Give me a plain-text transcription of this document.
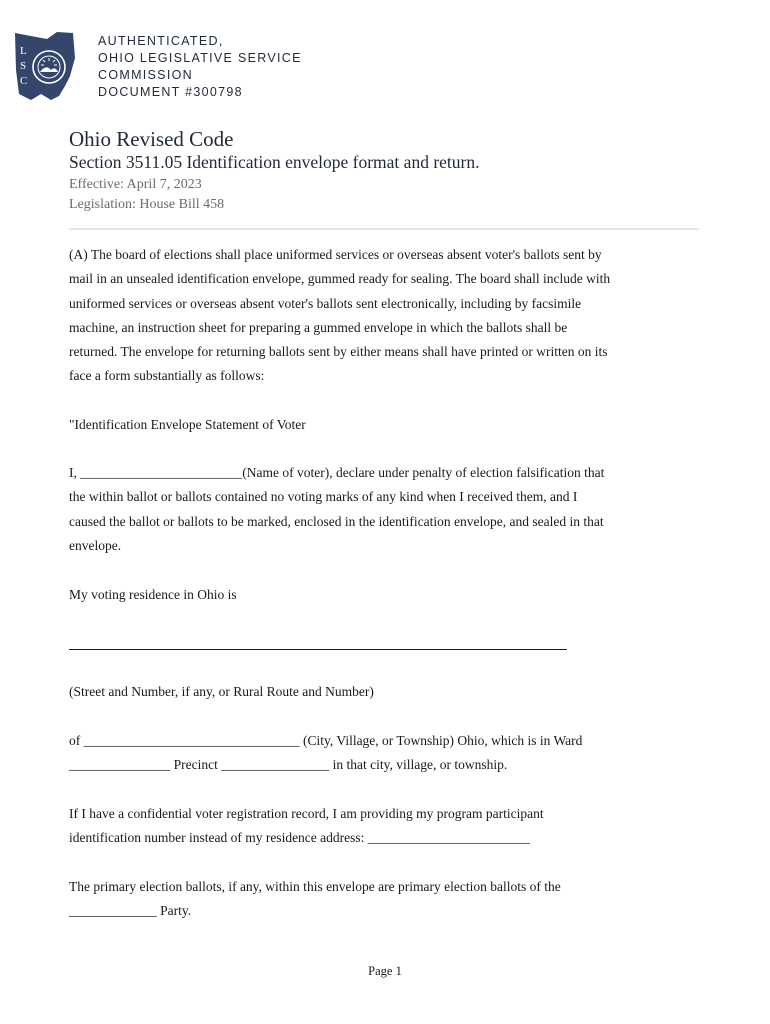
L
S
C
AUTHENTICATED,
OHIO LEGISLATIVE SERVICE
COMMISSION
DOCUMENT #300798
Ohio Revised Code
Section 3511.05 Identification envelope format and return.
Effective: April 7, 2023
Legislation: House Bill 458
(A) The board of elections shall place uniformed services or overseas absent voter's ballots sent by
mail in an unsealed identification envelope, gummed ready for sealing. The board shall include with
uniformed services or overseas absent voter's ballots sent electronically, including by facsimile
machine, an instruction sheet for preparing a gummed envelope in which the ballots shall be
returned. The envelope for returning ballots sent by either means shall have printed or written on its
face a form substantially as follows:
"Identification Envelope Statement of Voter
I, ________________________(Name of voter), declare under penalty of election falsification that
the within ballot or ballots contained no voting marks of any kind when I received them, and I
caused the ballot or ballots to be marked, enclosed in the identification envelope, and sealed in that
envelope.
My voting residence in Ohio is
(Street and Number, if any, or Rural Route and Number)
of ________________________________ (City, Village, or Township) Ohio, which is in Ward
_______________ Precinct ________________ in that city, village, or township.
If I have a confidential voter registration record, I am providing my program participant
identification number instead of my residence address: ________________________
The primary election ballots, if any, within this envelope are primary election ballots of the
_____________ Party.
Page 1
